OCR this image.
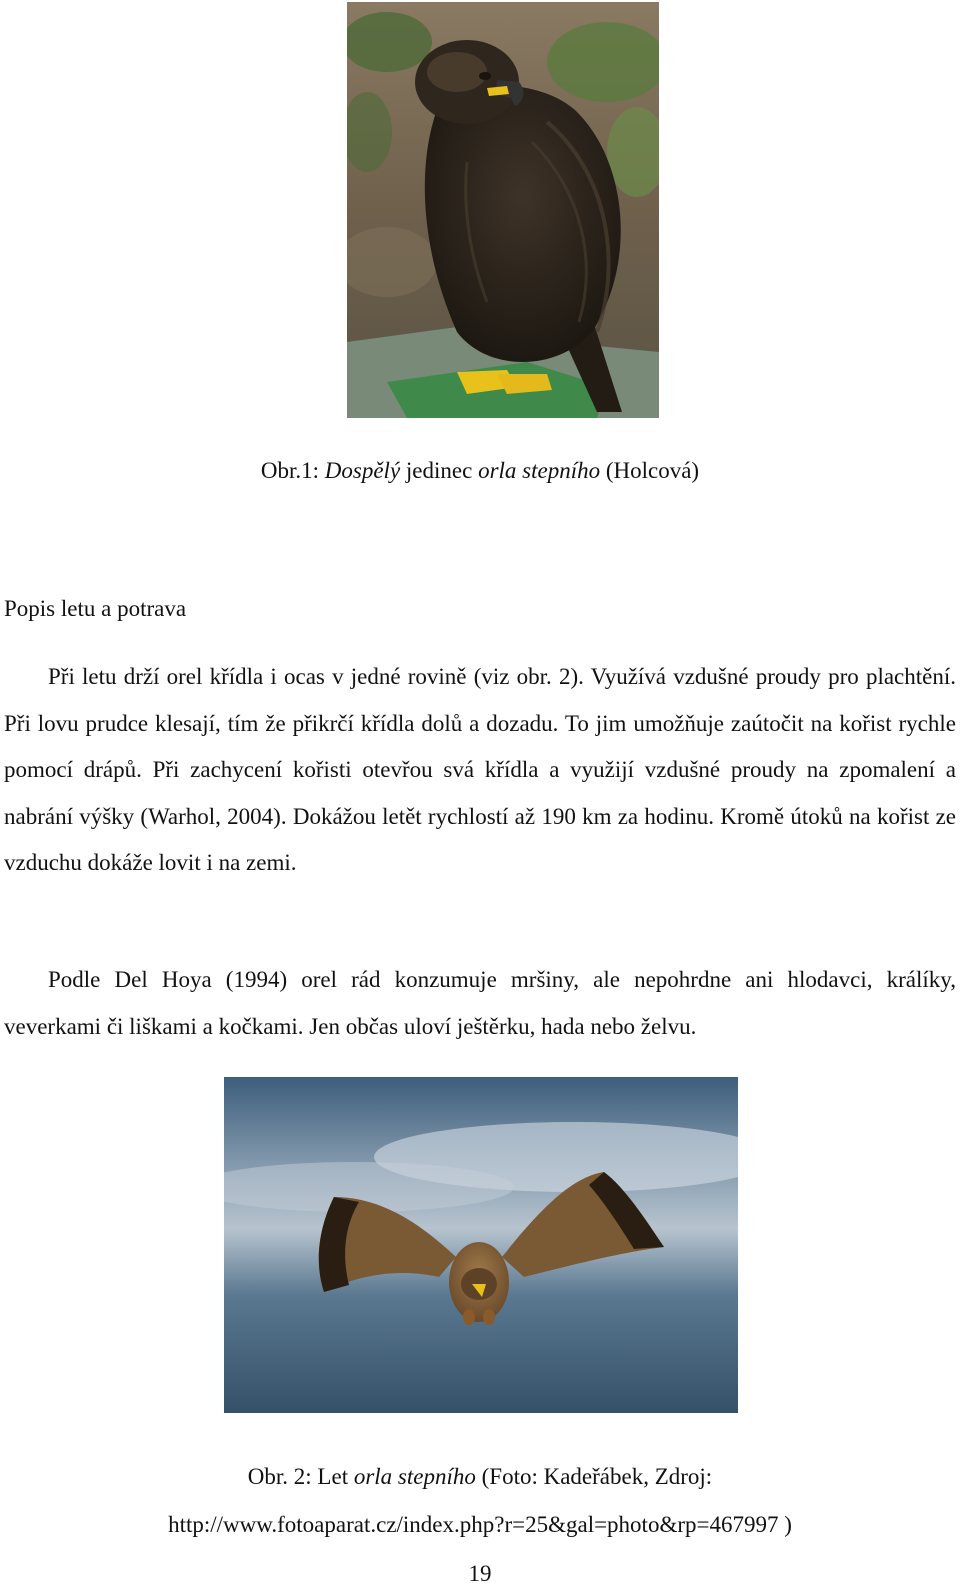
Obr.1: Dospělý jedinec orla stepního (Holcová)
Popis letu a potrava

Při letu drží orel křídla i ocas v jedné rovině (viz obr. 2). Využívá vzdušné proudy pro plachtění. Při lovu prudce klesají, tím že přikrčí křídla dolů a dozadu. To jim umožňuje zaútočit na kořist rychle pomocí drápů. Při zachycení kořisti otevřou svá křídla a využijí vzdušné proudy na zpomalení a nabrání výšky (Warhol, 2004). Dokážou letět rychlostí až 190 km za hodinu. Kromě útoků na kořist ze vzduchu dokáže lovit i na zemi.

Podle Del Hoya (1994) orel rád konzumuje mršiny, ale nepohrdne ani hlodavci, králíky, veverkami či liškami a kočkami. Jen občas uloví ještěrku, hada nebo želvu.

Obr. 2: Let orla stepního (Foto: Kadeřábek, Zdroj:
http://www.fotoaparat.cz/index.php?r=25&gal=photo&rp=467997 )
19
